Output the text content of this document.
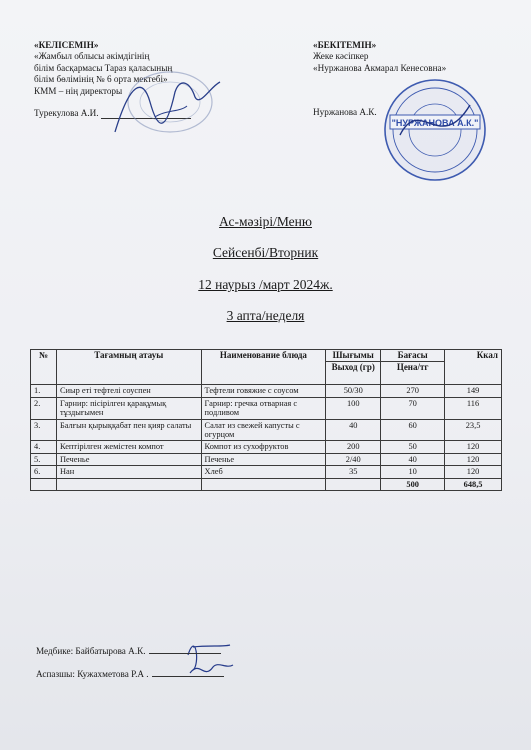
«КЕЛІСЕМІН»
«Жамбыл облысы әкімдігінің
білім басқармасы Тараз қаласының
білім бөлімінің № 6 орта мектебі»
КММ – нің директоры
Турекулова А.И.
«БЕКІТЕМІН»
Жеке кәсіпкер
«Нуржанова Акмарал Кенесовна»
Нуржанова А.К.
"НУРЖАНОВА А.К."
Ас-мәзірі/Меню
Сейсенбі/Вторник
12 наурыз /март 2024ж.
3 апта/неделя
№	Тағамның атауы	Наименование блюда	Шығымы	Бағасы	Ккал
			Выход (гр)	Цена/тг	
1.	Сиыр еті тефтелі соуспен	Тефтели говяжие с соусом	50/30	270	149
2.	Гарнир: пісірілген қарақұмық тұздығымен	Гарнир: гречка отварная с подливом	100	70	116
3.	Балғын қырыққабат пен қияр салаты	Салат из свежей капусты с огурцом	40	60	23,5
4.	Кептірілген жемістен компот	Компот из сухофруктов	200	50	120
5.	Печенье	Печенье	2/40	40	120
6.	Нан	Хлеб	35	10	120
				500	648,5
Медбике: Байбатырова А.К.
Аспазшы: Кужахметова Р.А .
